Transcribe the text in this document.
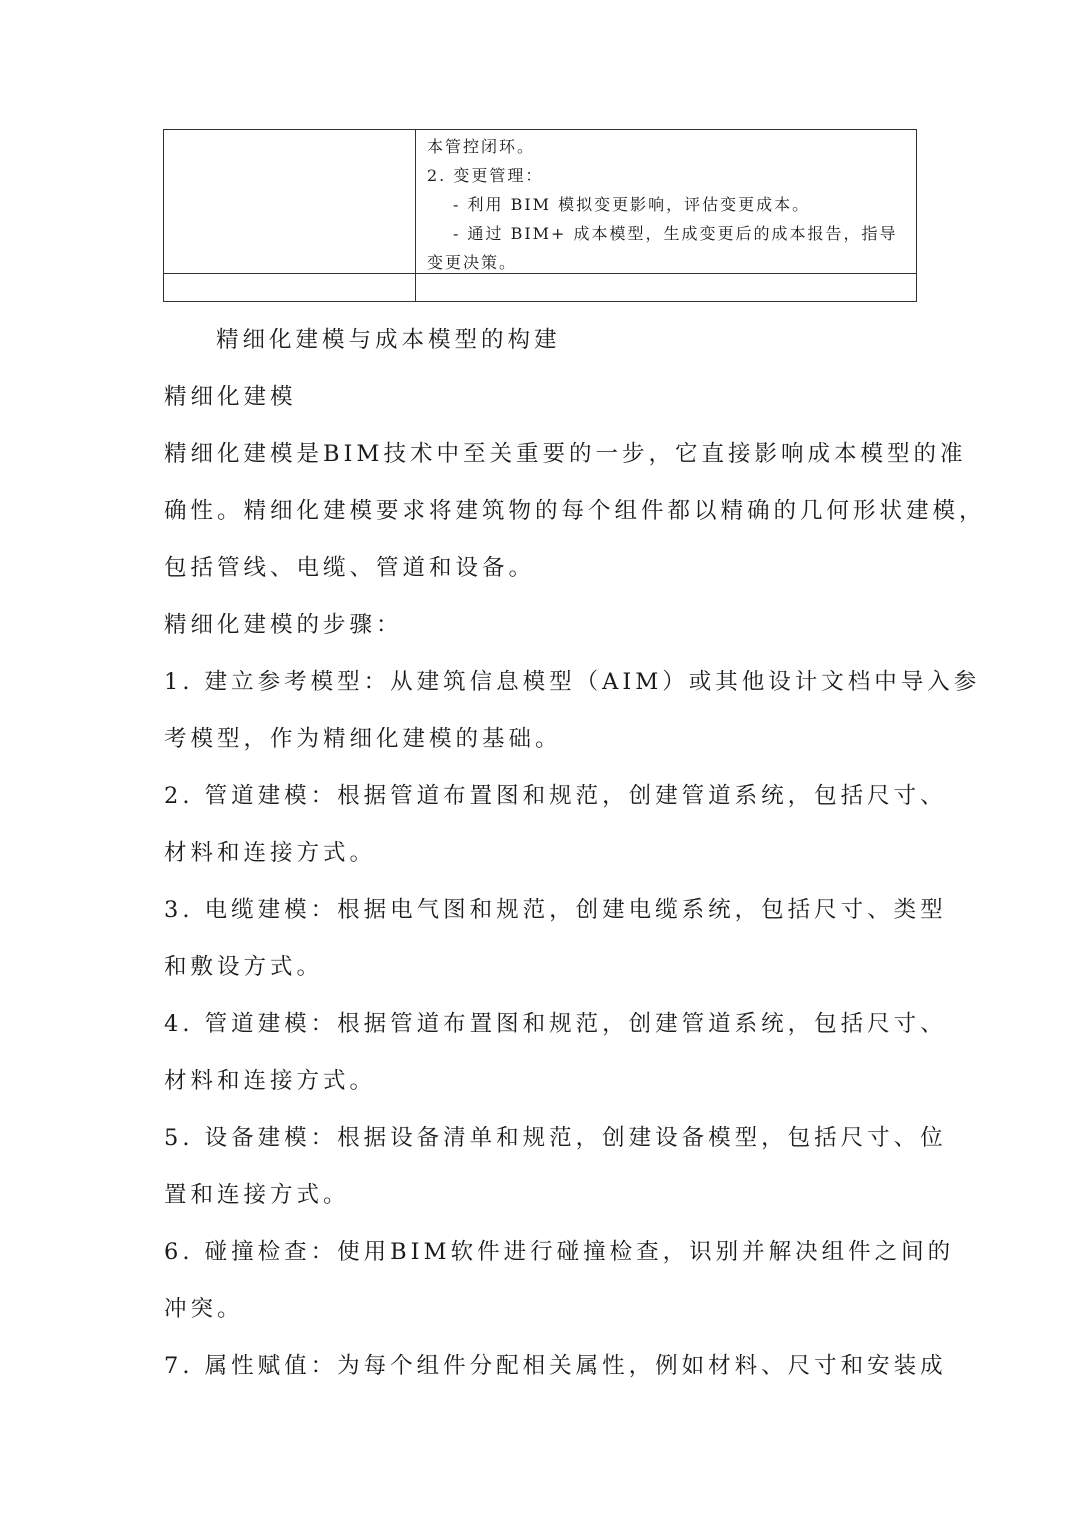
本管控闭环。
2. 变更管理：
- 利用 BIM 模拟变更影响，评估变更成本。
- 通过 BIM+ 成本模型，生成变更后的成本报告，指导
变更决策。

精细化建模与成本模型的构建

精细化建模

精细化建模是BIM技术中至关重要的一步，它直接影响成本模型的准

确性。精细化建模要求将建筑物的每个组件都以精确的几何形状建模，

包括管线、电缆、管道和设备。

精细化建模的步骤：

1. 建立参考模型：从建筑信息模型（AIM）或其他设计文档中导入参

考模型，作为精细化建模的基础。

2. 管道建模：根据管道布置图和规范，创建管道系统，包括尺寸、

材料和连接方式。

3. 电缆建模：根据电气图和规范，创建电缆系统，包括尺寸、类型

和敷设方式。

4. 管道建模：根据管道布置图和规范，创建管道系统，包括尺寸、

材料和连接方式。

5. 设备建模：根据设备清单和规范，创建设备模型，包括尺寸、位

置和连接方式。

6. 碰撞检查：使用BIM软件进行碰撞检查，识别并解决组件之间的

冲突。

7. 属性赋值：为每个组件分配相关属性，例如材料、尺寸和安装成
